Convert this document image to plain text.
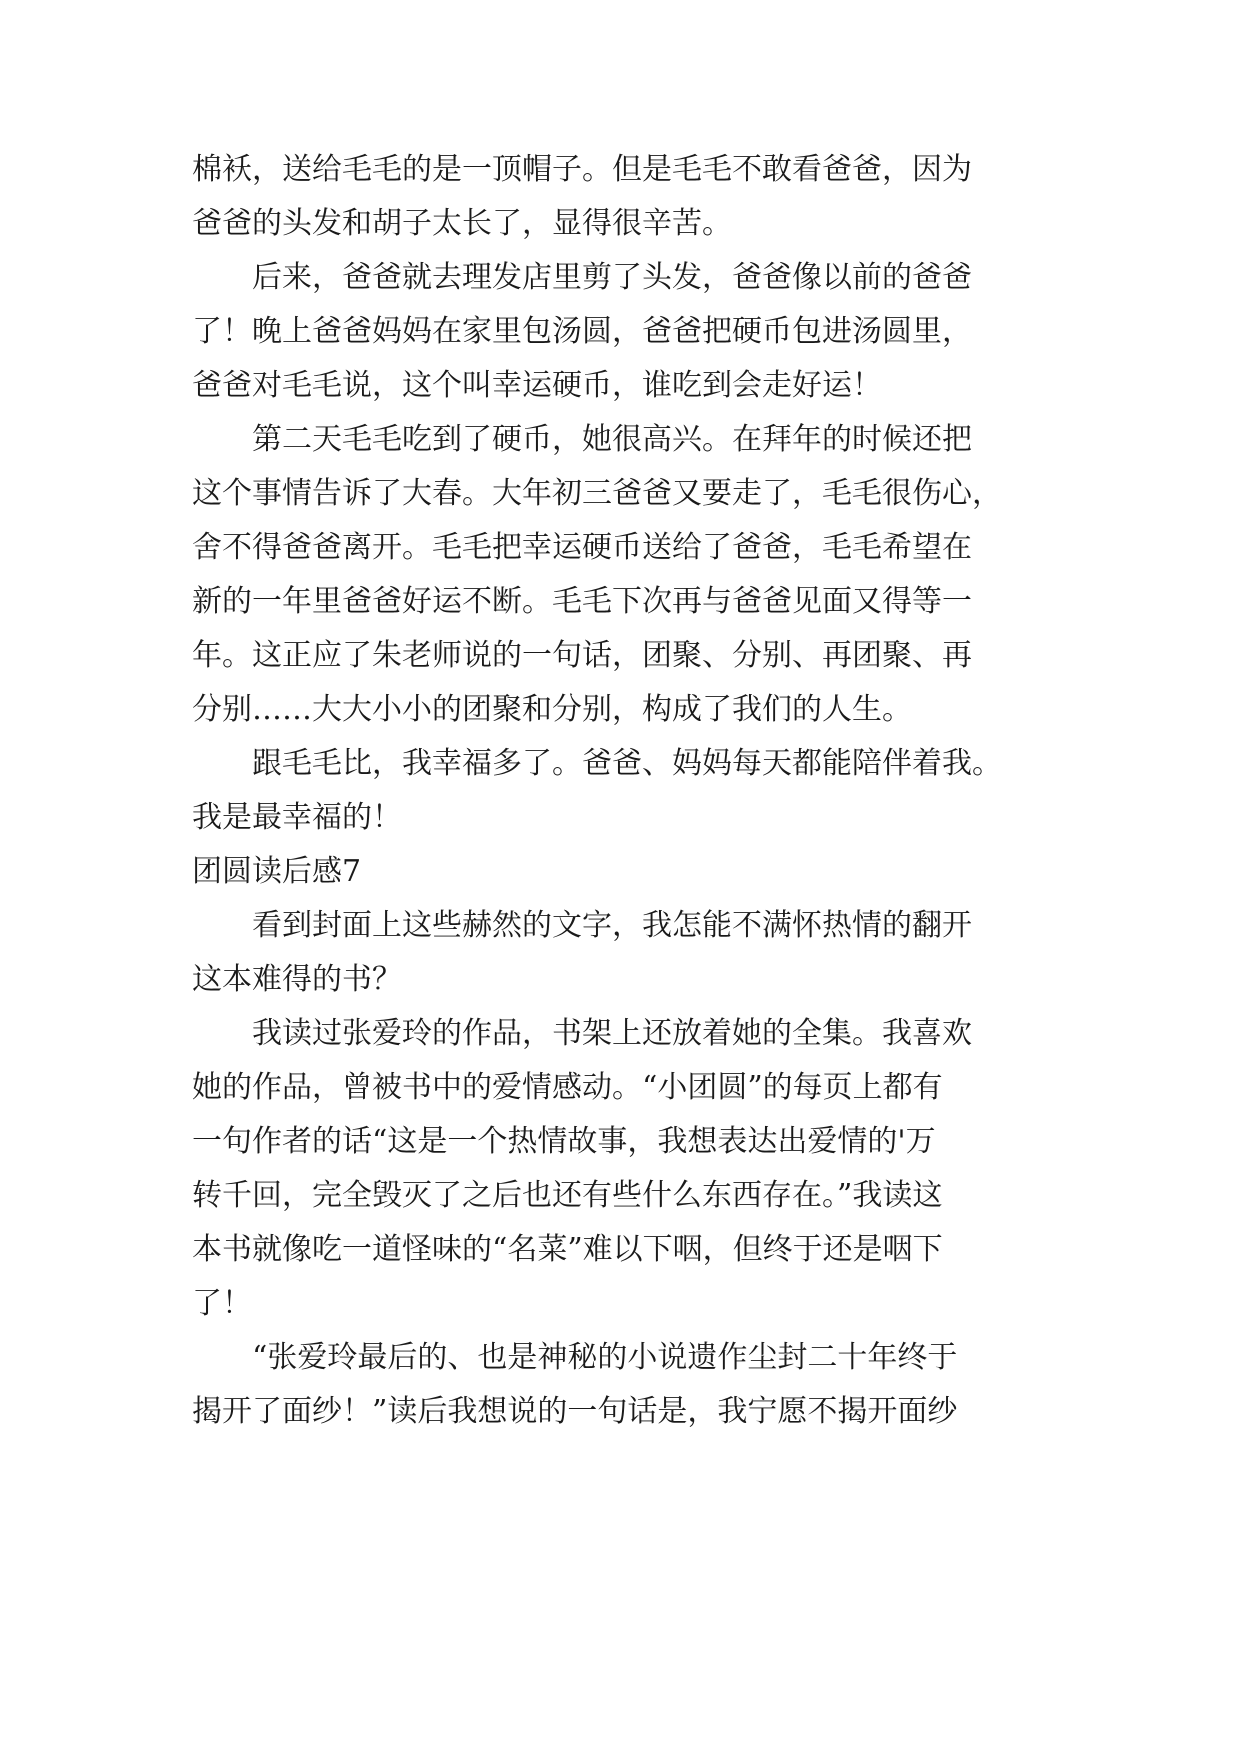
棉袄，送给毛毛的是一顶帽子。但是毛毛不敢看爸爸，因为
爸爸的头发和胡子太长了，显得很辛苦。
后来，爸爸就去理发店里剪了头发，爸爸像以前的爸爸
了！晚上爸爸妈妈在家里包汤圆，爸爸把硬币包进汤圆里，
爸爸对毛毛说，这个叫幸运硬币，谁吃到会走好运！
第二天毛毛吃到了硬币，她很高兴。在拜年的时候还把
这个事情告诉了大春。大年初三爸爸又要走了，毛毛很伤心，
舍不得爸爸离开。毛毛把幸运硬币送给了爸爸，毛毛希望在
新的一年里爸爸好运不断。毛毛下次再与爸爸见面又得等一
年。这正应了朱老师说的一句话，团聚、分别、再团聚、再
分别……大大小小的团聚和分别，构成了我们的人生。
跟毛毛比，我幸福多了。爸爸、妈妈每天都能陪伴着我。
我是最幸福的！
团圆读后感7
看到封面上这些赫然的文字，我怎能不满怀热情的翻开
这本难得的书？
我读过张爱玲的作品，书架上还放着她的全集。我喜欢
她的作品，曾被书中的爱情感动。“小团圆”的每页上都有
一句作者的话“这是一个热情故事，我想表达出爱情的'万
转千回，完全毁灭了之后也还有些什么东西存在。”我读这
本书就像吃一道怪味的“名菜”难以下咽，但终于还是咽下
了！
“张爱玲最后的、也是神秘的小说遗作尘封二十年终于
揭开了面纱！”读后我想说的一句话是，我宁愿不揭开面纱
